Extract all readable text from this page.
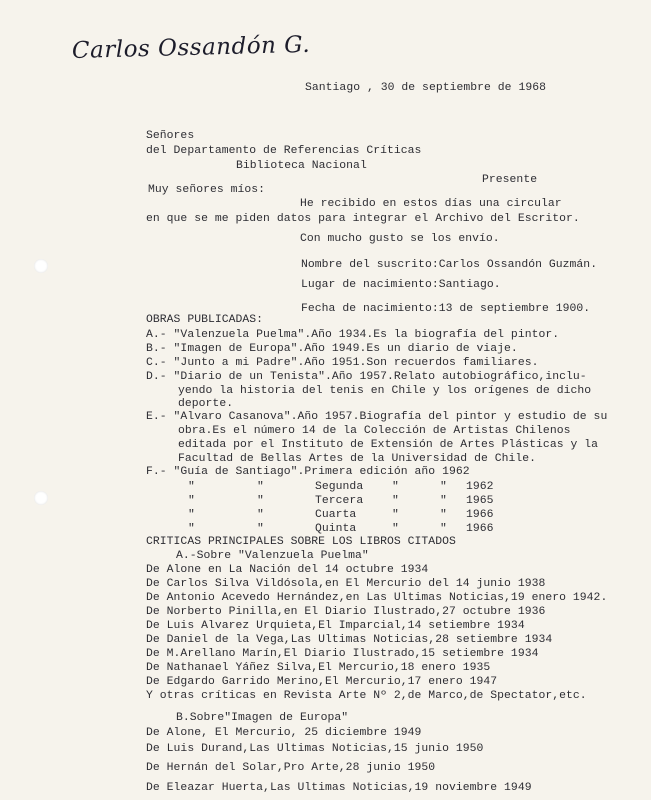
Carlos Ossandón G.
Santiago , 30 de septiembre de 1968
Señores
del Departamento de Referencias Críticas
Biblioteca Nacional
Presente
Muy señores míos:
He recibido en estos días una circular
en que se me piden datos para integrar el Archivo del Escritor.
Con mucho gusto se los envío.
Nombre del suscrito:Carlos Ossandón Guzmán.
Lugar de nacimiento:Santiago.
Fecha de nacimiento:13 de septiembre 1900.
OBRAS PUBLICADAS:
A.- "Valenzuela Puelma".Año 1934.Es la biografía del pintor.
B.- "Imagen de Europa".Año 1949.Es un diario de viaje.
C.- "Junto a mi Padre".Año 1951.Son recuerdos familiares.
D.- "Diario de un Tenista".Año 1957.Relato autobiográfico,inclu-
yendo la historia del tenis en Chile y los orígenes de dicho
deporte.
E.- "Alvaro Casanova".Año 1957.Biografía del pintor y estudio de su
obra.Es el número 14 de la Colección de Artistas Chilenos
editada por el Instituto de Extensión de Artes Plásticas y la
Facultad de Bellas Artes de la Universidad de Chile.
F.- "Guía de Santiago".Primera edición año 1962
"	"	Segunda	"	" 1962
"	"	Tercera	"	" 1965
"	"	Cuarta	"	" 1966
"	"	Quinta	"	" 1966
CRITICAS PRINCIPALES SOBRE LOS LIBROS CITADOS
A.-Sobre "Valenzuela Puelma"
De Alone en La Nación del 14 octubre 1934
De Carlos Silva Vildósola,en El Mercurio del 14 junio 1938
De Antonio Acevedo Hernández,en Las Ultimas Noticias,19 enero 1942.
De Norberto Pinilla,en El Diario Ilustrado,27 octubre 1936
De Luis Alvarez Urquieta,El Imparcial,14 setiembre 1934
De Daniel de la Vega,Las Ultimas Noticias,28 setiembre 1934
De M.Arellano Marín,El Diario Ilustrado,15 setiembre 1934
De Nathanael Yáñez Silva,El Mercurio,18 enero 1935
De Edgardo Garrido Merino,El Mercurio,17 enero 1947
Y otras críticas en Revista Arte Nº 2,de Marco,de Spectator,etc.
B.Sobre"Imagen de Europa"
De Alone, El Mercurio, 25 diciembre 1949
De Luis Durand,Las Ultimas Noticias,15 junio 1950
De Hernán del Solar,Pro Arte,28 junio 1950
De Eleazar Huerta,Las Ultimas Noticias,19 noviembre 1949
